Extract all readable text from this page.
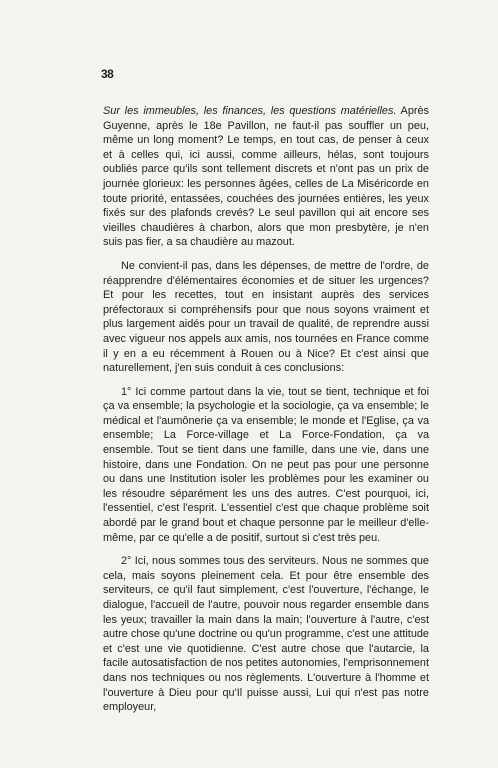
38

Sur les immeubles, les finances, les questions matérielles. Après Guyenne, après le 18e Pavillon, ne faut-il pas souffler un peu, même un long moment? Le temps, en tout cas, de penser à ceux et à celles qui, ici aussi, comme ailleurs, hélas, sont toujours oubliés parce qu'ils sont tellement discrets et n'ont pas un prix de journée glorieux: les personnes âgées, celles de La Miséricorde en toute priorité, entassées, couchées des journées entières, les yeux fixés sur des plafonds crevés? Le seul pavillon qui ait encore ses vieilles chaudières à charbon, alors que mon presbytère, je n'en suis pas fier, a sa chaudière au mazout.

Ne convient-il pas, dans les dépenses, de mettre de l'ordre, de réapprendre d'élémentaires économies et de situer les urgences? Et pour les recettes, tout en insistant auprès des services préfectoraux si compréhensifs pour que nous soyons vraiment et plus largement aidés pour un travail de qualité, de reprendre aussi avec vigueur nos appels aux amis, nos tournées en France comme il y en a eu récemment à Rouen ou à Nice? Et c'est ainsi que naturellement, j'en suis conduit à ces conclusions:

1° Ici comme partout dans la vie, tout se tient, technique et foi ça va ensemble; la psychologie et la sociologie, ça va ensemble; le médical et l'aumônerie ça va ensemble; le monde et l'Eglise, ça va ensemble; La Force-village et La Force-Fondation, ça va ensemble. Tout se tient dans une famille, dans une vie, dans une histoire, dans une Fondation. On ne peut pas pour une personne ou dans une Institution isoler les problèmes pour les examiner ou les résoudre séparément les uns des autres. C'est pourquoi, ici, l'essentiel, c'est l'esprit. L'essentiel c'est que chaque problème soit abordé par le grand bout et chaque personne par le meilleur d'elle-même, par ce qu'elle a de positif, surtout si c'est très peu.

2° Ici, nous sommes tous des serviteurs. Nous ne sommes que cela, mais soyons pleinement cela. Et pour être ensemble des serviteurs, ce qu'il faut simplement, c'est l'ouverture, l'échange, le dialogue, l'accueil de l'autre, pouvoir nous regarder ensemble dans les yeux; travailler la main dans la main; l'ouverture à l'autre, c'est autre chose qu'une doctrine ou qu'un programme, c'est une attitude et c'est une vie quotidienne. C'est autre chose que l'autarcie, la facile autosatisfaction de nos petites autonomies, l'emprisonnement dans nos techniques ou nos règlements. L'ouverture à l'homme et l'ouverture à Dieu pour qu'Il puisse aussi, Lui qui n'est pas notre employeur,
